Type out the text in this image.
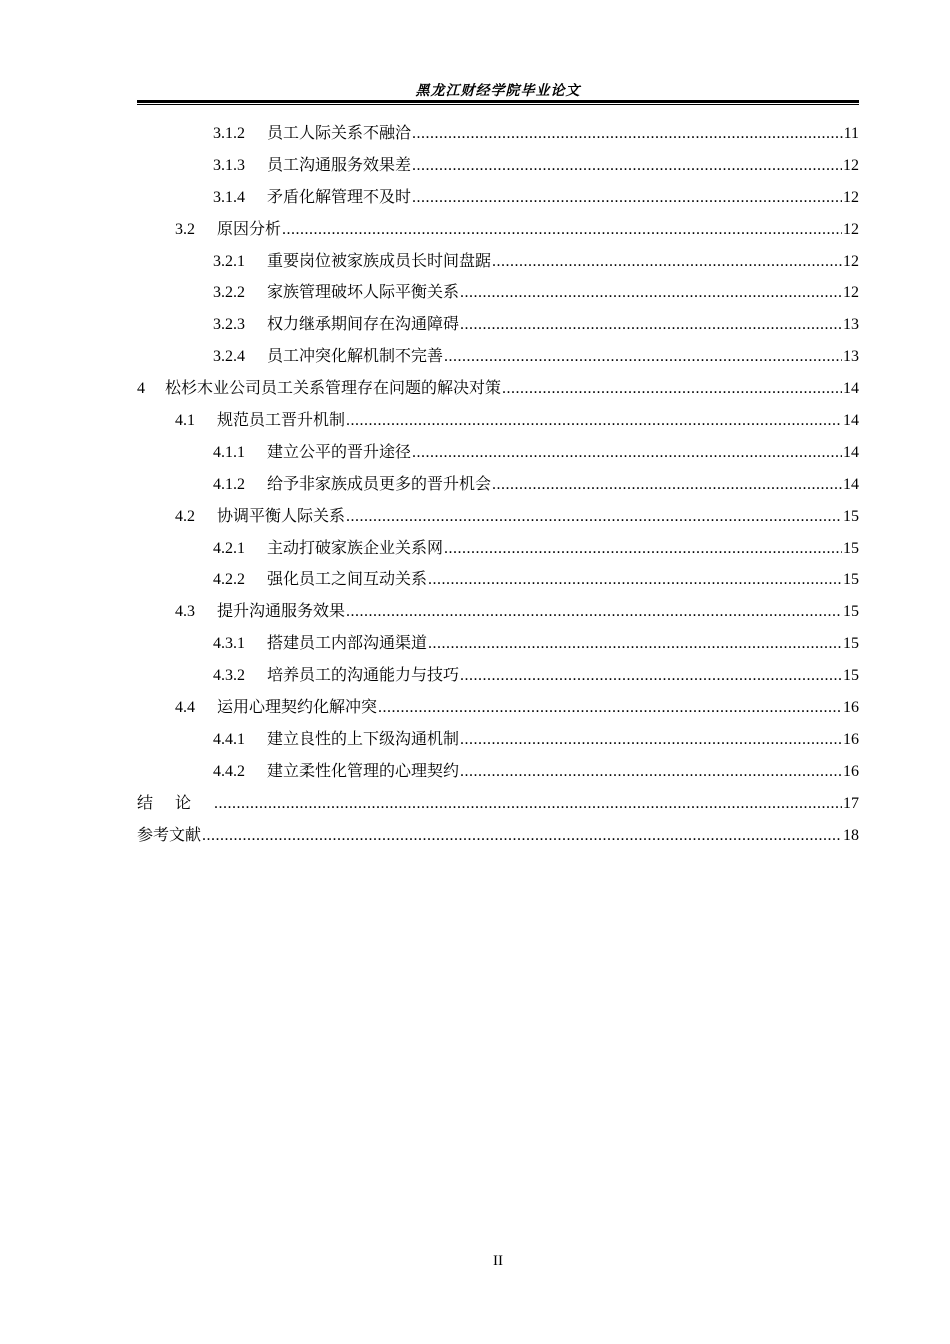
黑龙江财经学院毕业论文
3.1.2 员工人际关系不融洽 .....	11
3.1.3 员工沟通服务效果差 .....	12
3.1.4 矛盾化解管理不及时 .....	12
3.2 原因分析 .....	12
3.2.1 重要岗位被家族成员长时间盘踞 .....	12
3.2.2 家族管理破坏人际平衡关系 .....	12
3.2.3 权力继承期间存在沟通障碍 .....	13
3.2.4 员工冲突化解机制不完善 .....	13
4 松杉木业公司员工关系管理存在问题的解决对策 .....	14
4.1 规范员工晋升机制 .....	14
4.1.1 建立公平的晋升途径 .....	14
4.1.2 给予非家族成员更多的晋升机会 .....	14
4.2 协调平衡人际关系 .....	15
4.2.1 主动打破家族企业关系网 .....	15
4.2.2 强化员工之间互动关系 .....	15
4.3 提升沟通服务效果 .....	15
4.3.1 搭建员工内部沟通渠道 .....	15
4.3.2 培养员工的沟通能力与技巧 .....	15
4.4 运用心理契约化解冲突 .....	16
4.4.1 建立良性的上下级沟通机制 .....	16
4.4.2 建立柔性化管理的心理契约 .....	16
结论 .....	17
参考文献 .....	18
II
